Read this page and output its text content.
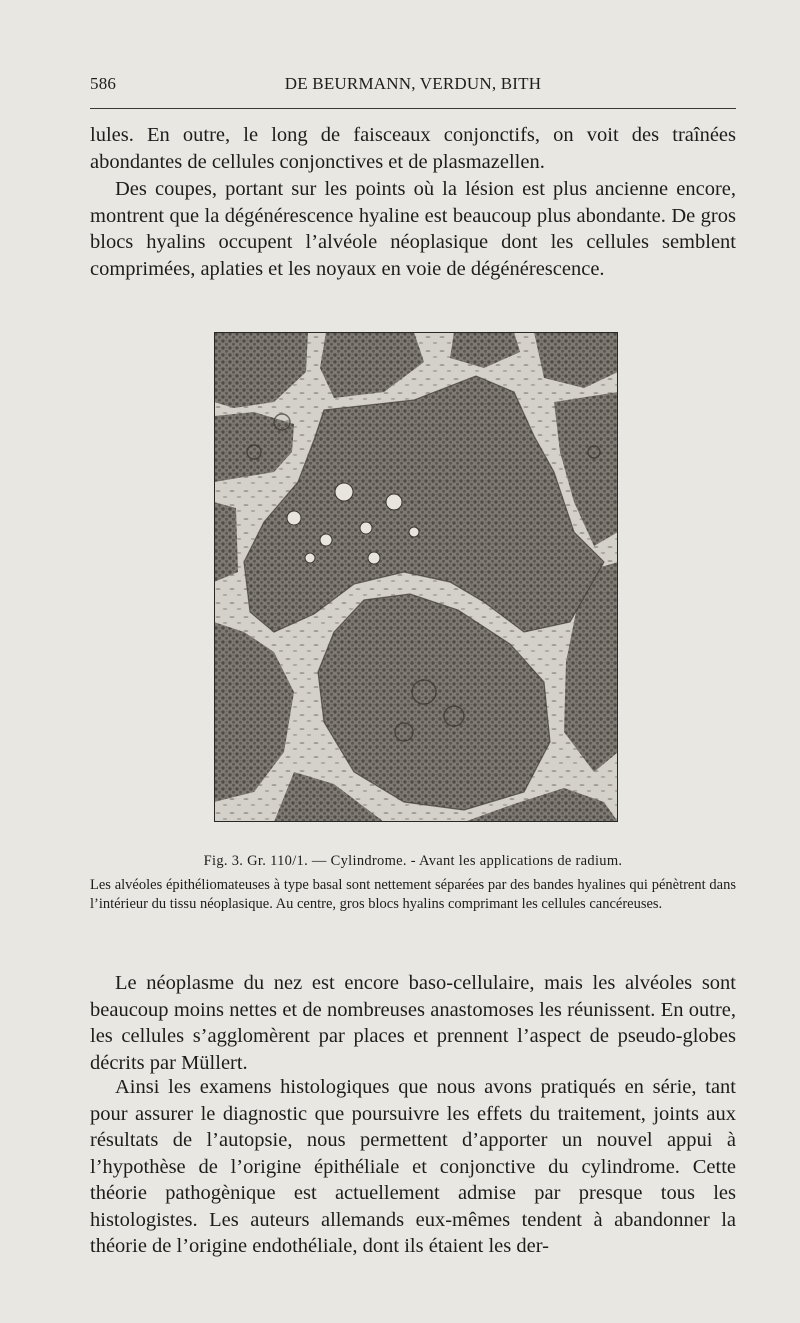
586	DE BEURMANN, VERDUN, BITH

lules. En outre, le long de faisceaux conjonctifs, on voit des traînées abondantes de cellules conjonctives et de plasmazellen.

Des coupes, portant sur les points où la lésion est plus ancienne encore, montrent que la dégénérescence hyaline est beaucoup plus abondante. De gros blocs hyalins occupent l’alvéole néoplasique dont les cellules semblent comprimées, aplaties et les noyaux en voie de dégénérescence.

Fig. 3. Gr. 110/1. — Cylindrome. - Avant les applications de radium.
Les alvéoles épithéliomateuses à type basal sont nettement séparées par des bandes hyalines qui pénètrent dans l’intérieur du tissu néoplasique. Au centre, gros blocs hyalins comprimant les cellules cancéreuses.

Le néoplasme du nez est encore baso-cellulaire, mais les alvéoles sont beaucoup moins nettes et de nombreuses anastomoses les réunissent. En outre, les cellules s’agglomèrent par places et prennent l’aspect de pseudo-globes décrits par Müllert.

Ainsi les examens histologiques que nous avons pratiqués en série, tant pour assurer le diagnostic que poursuivre les effets du traitement, joints aux résultats de l’autopsie, nous permettent d’apporter un nouvel appui à l’hypothèse de l’origine épithéliale et conjonctive du cylindrome. Cette théorie pathogènique est actuellement admise par presque tous les histologistes. Les auteurs allemands eux-mêmes tendent à abandonner la théorie de l’origine endothéliale, dont ils étaient les der-
